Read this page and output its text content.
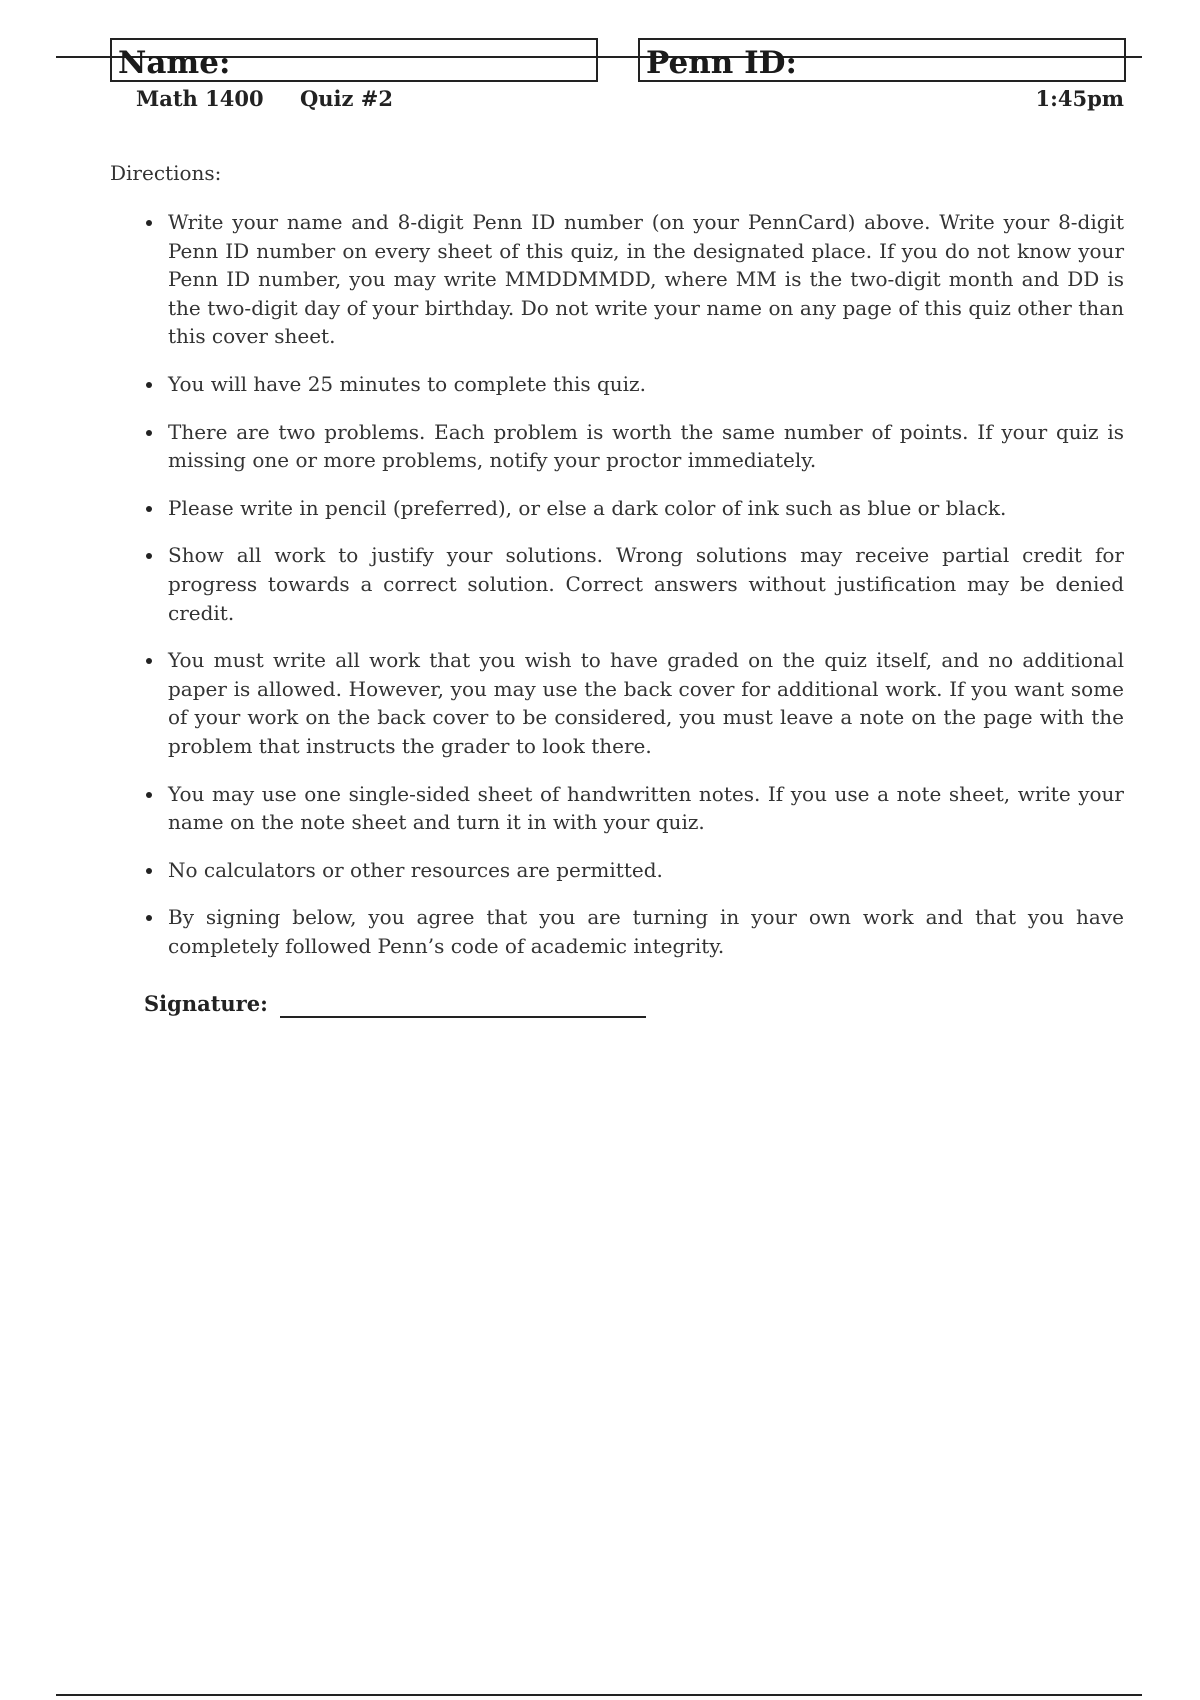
Name:	Penn ID:
Math 1400 Quiz #2	1:45pm
Directions:
Write your name and 8-digit Penn ID number (on your PennCard) above. Write your 8-digit Penn ID number on every sheet of this quiz, in the designated place. If you do not know your Penn ID number, you may write MMDDMMDD, where MM is the two-digit month and DD is the two-digit day of your birthday. Do not write your name on any page of this quiz other than this cover sheet.
You will have 25 minutes to complete this quiz.
There are two problems. Each problem is worth the same number of points. If your quiz is missing one or more problems, notify your proctor immediately.
Please write in pencil (preferred), or else a dark color of ink such as blue or black.
Show all work to justify your solutions. Wrong solutions may receive partial credit for progress towards a correct solution. Correct answers without justification may be denied credit.
You must write all work that you wish to have graded on the quiz itself, and no additional paper is allowed. However, you may use the back cover for additional work. If you want some of your work on the back cover to be considered, you must leave a note on the page with the problem that instructs the grader to look there.
You may use one single-sided sheet of handwritten notes. If you use a note sheet, write your name on the note sheet and turn it in with your quiz.
No calculators or other resources are permitted.
By signing below, you agree that you are turning in your own work and that you have completely followed Penn’s code of academic integrity.
Signature:
